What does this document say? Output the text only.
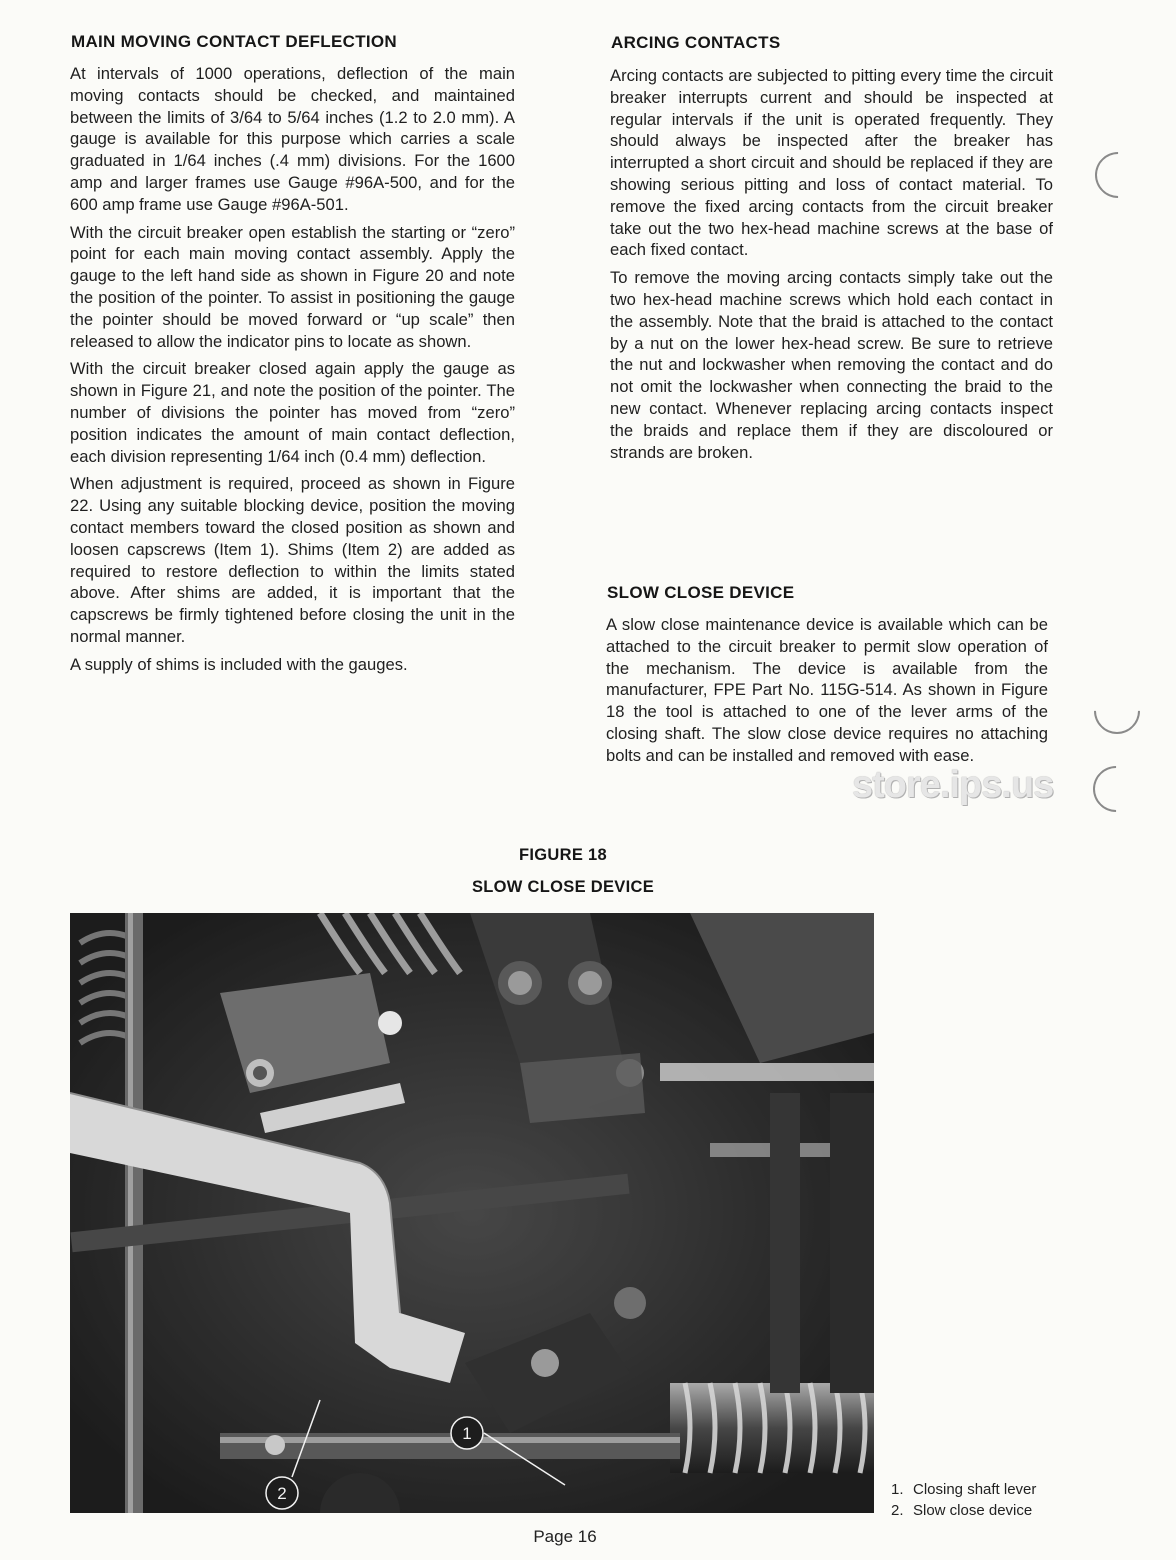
MAIN MOVING CONTACT DEFLECTION

At intervals of 1000 operations, deflection of the main moving contacts should be checked, and maintained between the limits of 3/64 to 5/64 inches (1.2 to 2.0 mm). A gauge is available for this purpose which carries a scale graduated in 1/64 inches (.4 mm) divisions. For the 1600 amp and larger frames use Gauge #96A-500, and for the 600 amp frame use Gauge #96A-501.

With the circuit breaker open establish the starting or “zero” point for each main moving contact assembly. Apply the gauge to the left hand side as shown in Figure 20 and note the position of the pointer. To assist in positioning the gauge the pointer should be moved forward or “up scale” then released to allow the indicator pins to locate as shown.

With the circuit breaker closed again apply the gauge as shown in Figure 21, and note the position of the pointer. The number of divisions the pointer has moved from “zero” position indicates the amount of main contact deflection, each division representing 1/64 inch (0.4 mm) deflection.

When adjustment is required, proceed as shown in Figure 22. Using any suitable blocking device, position the moving contact members toward the closed position as shown and loosen capscrews (Item 1). Shims (Item 2) are added as required to restore deflection to within the limits stated above. After shims are added, it is important that the capscrews be firmly tightened before closing the unit in the normal manner.

A supply of shims is included with the gauges.

ARCING CONTACTS

Arcing contacts are subjected to pitting every time the circuit breaker interrupts current and should be inspected at regular intervals if the unit is operated frequently. They should always be inspected after the breaker has interrupted a short circuit and should be replaced if they are showing serious pitting and loss of contact material. To remove the fixed arcing contacts from the circuit breaker take out the two hex-head machine screws at the base of each fixed contact.

To remove the moving arcing contacts simply take out the two hex-head machine screws which hold each contact in the assembly. Note that the braid is attached to the contact by a nut on the lower hex-head screw. Be sure to retrieve the nut and lockwasher when removing the contact and do not omit the lockwasher when connecting the braid to the new contact. Whenever replacing arcing contacts inspect the braids and replace them if they are discoloured or strands are broken.

SLOW CLOSE DEVICE

A slow close maintenance device is available which can be attached to the circuit breaker to permit slow operation of the mechanism. The device is available from the manufacturer, FPE Part No. 115G-514. As shown in Figure 18 the tool is attached to one of the lever arms of the closing shaft. The slow close device requires no attaching bolts and can be installed and removed with ease.

store.ips.us
FIGURE 18
SLOW CLOSE DEVICE
1
2	1. Closing shaft lever
2. Slow close device
Page 16
